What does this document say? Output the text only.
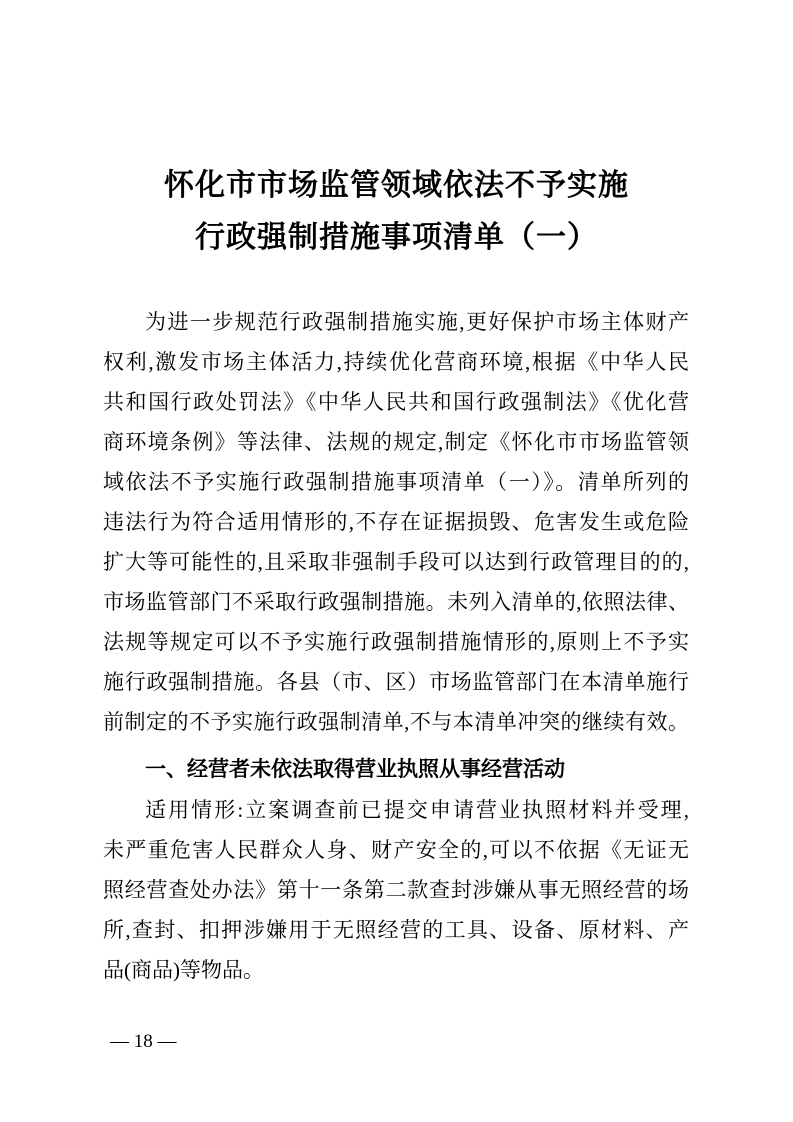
怀化市市场监管领域依法不予实施
行政强制措施事项清单（一）
为进一步规范行政强制措施实施,更好保护市场主体财产
权利,激发市场主体活力,持续优化营商环境,根据《中华人民
共和国行政处罚法》《中华人民共和国行政强制法》《优化营
商环境条例》等法律、法规的规定,制定《怀化市市场监管领
域依法不予实施行政强制措施事项清单（一）》。清单所列的
违法行为符合适用情形的,不存在证据损毁、危害发生或危险
扩大等可能性的,且采取非强制手段可以达到行政管理目的的,
市场监管部门不采取行政强制措施。未列入清单的,依照法律、
法规等规定可以不予实施行政强制措施情形的,原则上不予实
施行政强制措施。各县（市、区）市场监管部门在本清单施行
前制定的不予实施行政强制清单,不与本清单冲突的继续有效。
一、经营者未依法取得营业执照从事经营活动
适用情形:立案调查前已提交申请营业执照材料并受理,
未严重危害人民群众人身、财产安全的,可以不依据《无证无
照经营查处办法》第十一条第二款查封涉嫌从事无照经营的场
所,查封、扣押涉嫌用于无照经营的工具、设备、原材料、产
品(商品)等物品。
— 18 —
